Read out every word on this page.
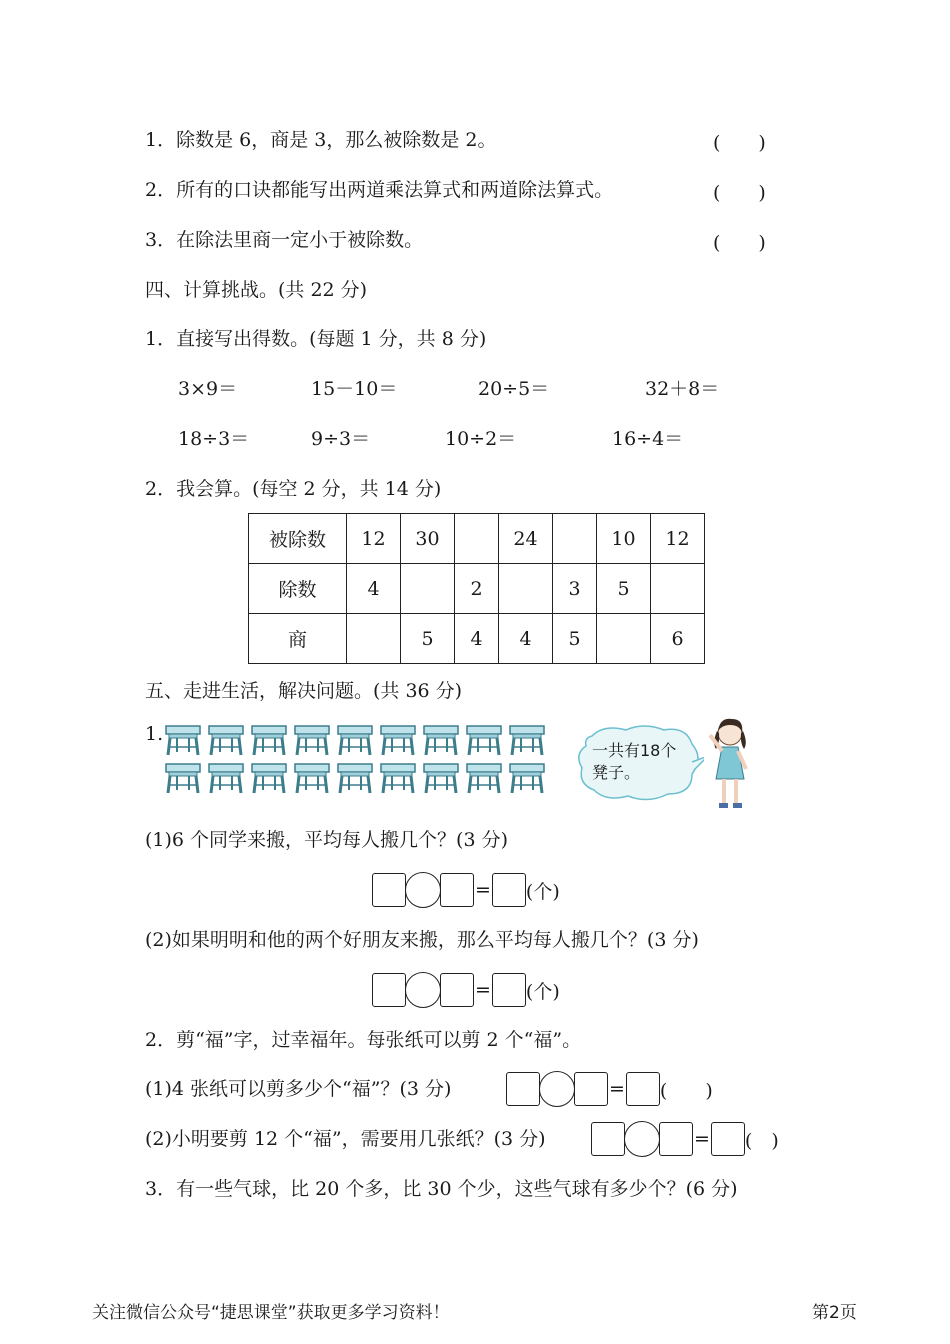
1．除数是 6，商是 3，那么被除数是 2。	(　　)
2．所有的口诀都能写出两道乘法算式和两道除法算式。	(　　)
3．在除法里商一定小于被除数。	(　　)
四、计算挑战。(共 22 分)
1．直接写出得数。(每题 1 分，共 8 分)
3×9＝	15－10＝	20÷5＝	32＋8＝
18÷3＝	9÷3＝	10÷2＝	16÷4＝
2．我会算。(每空 2 分，共 14 分)
被除数	12	30		24		10	12
除数	4		2		3	5	
商		5	4	4	5		6
五、走进生活，解决问题。(共 36 分)
1.
一共有18个凳子。
(1)6 个同学来搬，平均每人搬几个？(3 分)
= (个)
(2)如果明明和他的两个好朋友来搬，那么平均每人搬几个？(3 分)
= (个)
2．剪“福”字，过幸福年。每张纸可以剪 2 个“福”。
(1)4 张纸可以剪多少个“福”？(3 分)	= (　　)
(2)小明要剪 12 个“福”，需要用几张纸？(3 分)	= (　)
3．有一些气球，比 20 个多，比 30 个少，这些气球有多少个？(6 分)
关注微信公众号“捷思课堂”获取更多学习资料！	第2页
